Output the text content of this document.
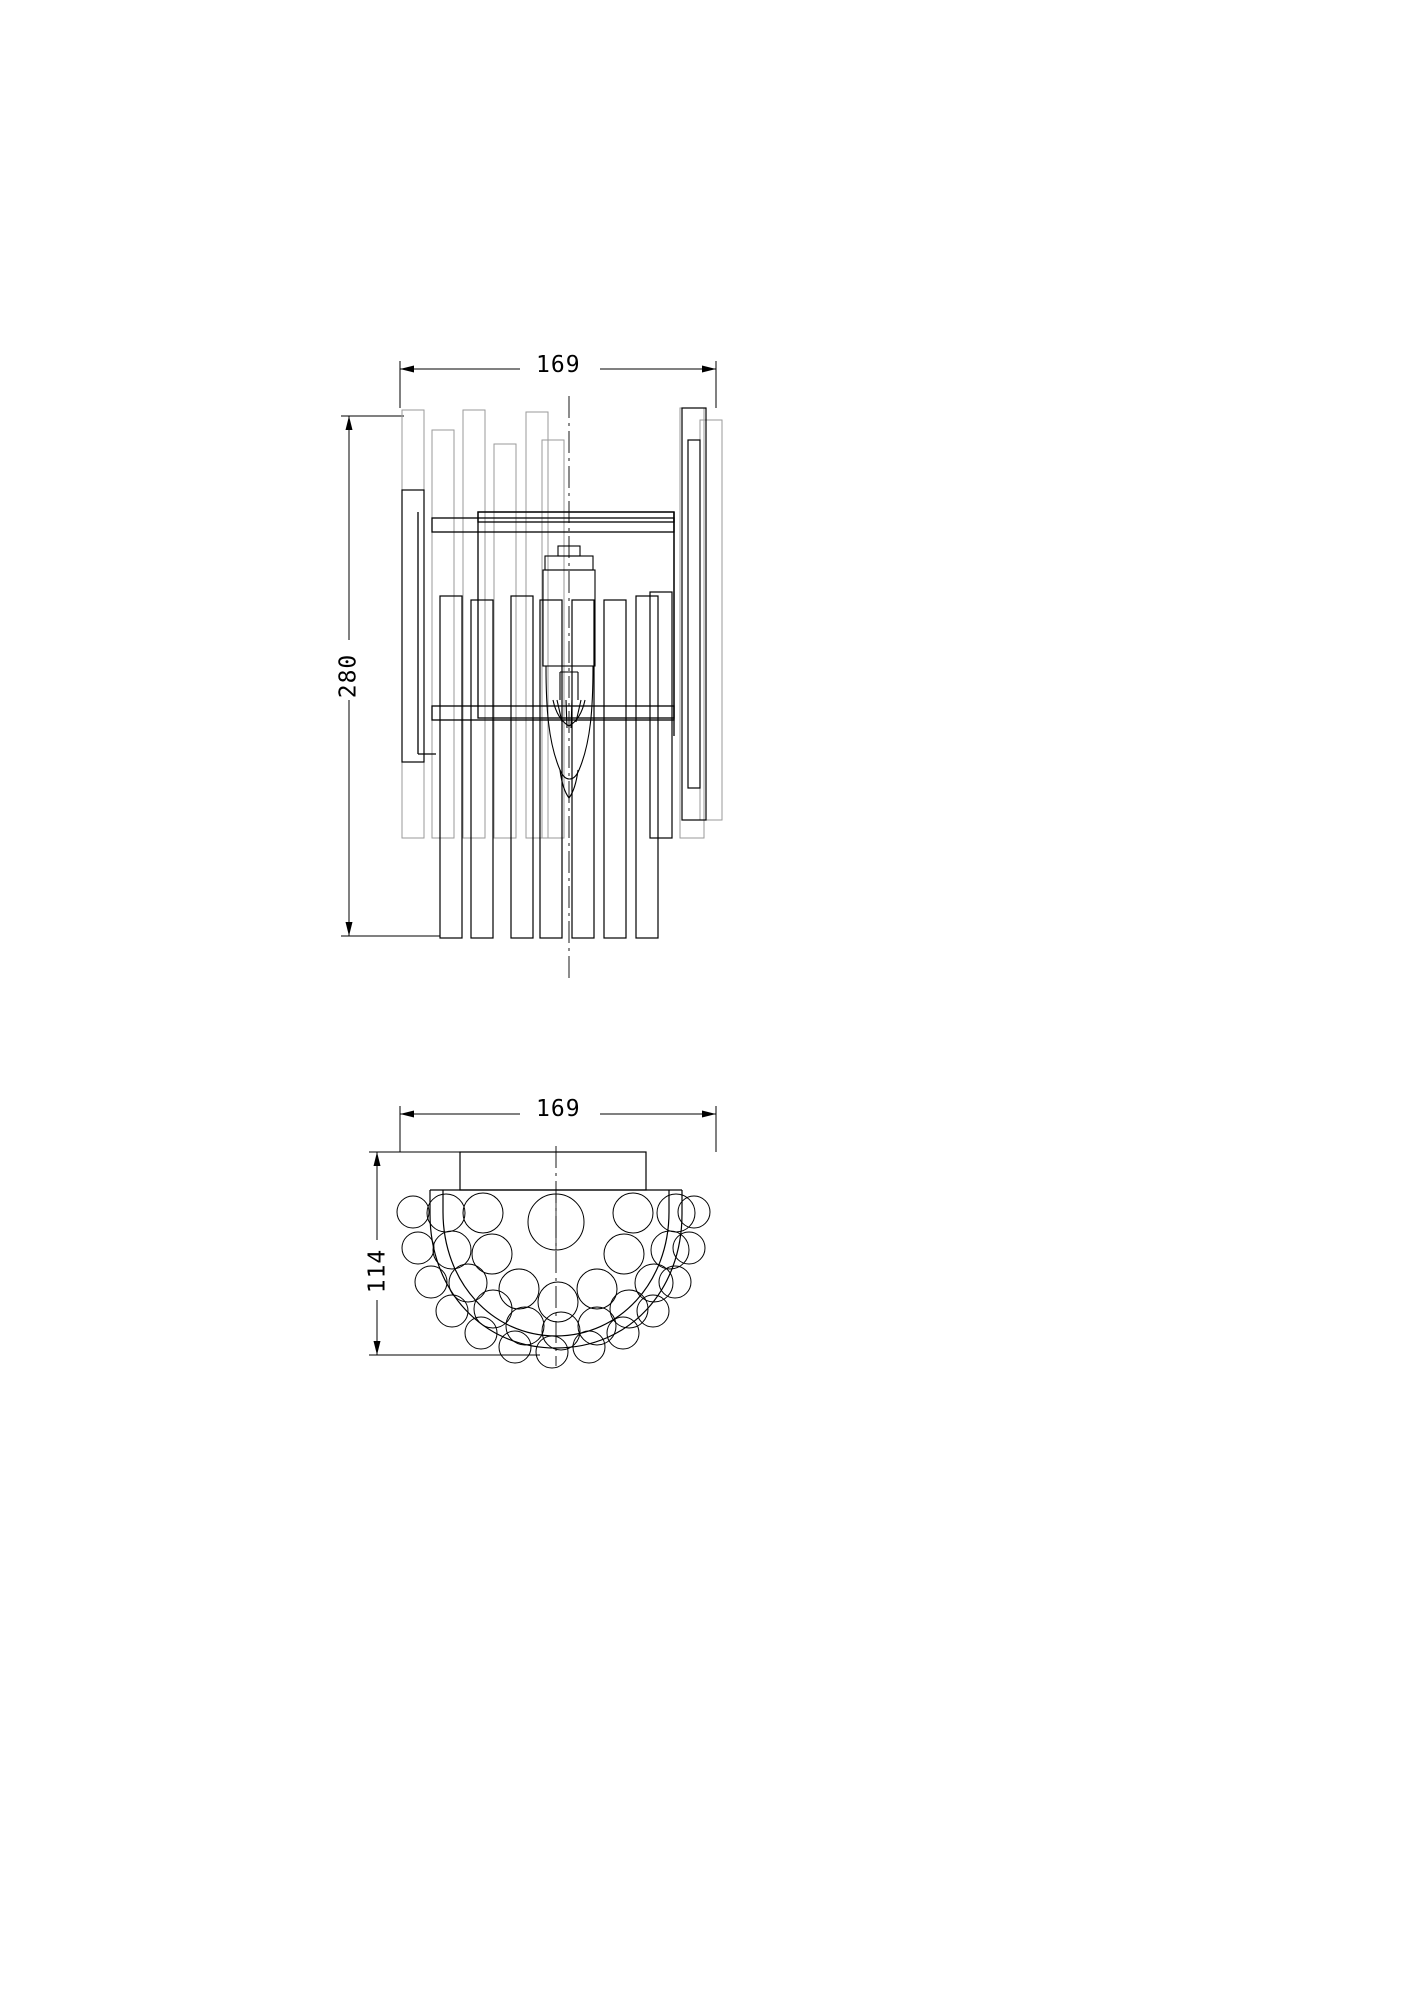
169
280
169
114
